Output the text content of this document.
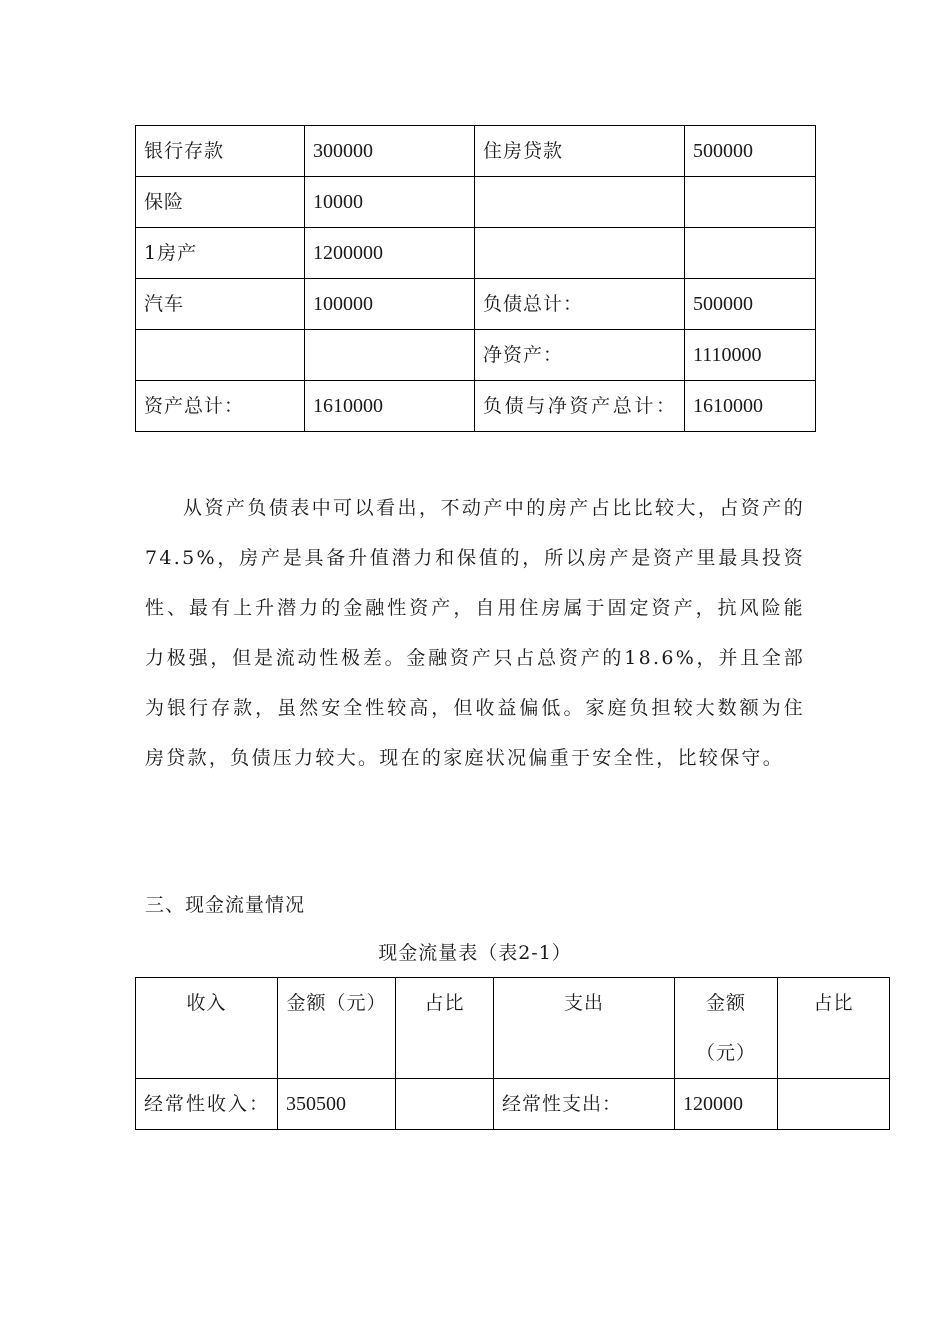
银行存款	300000	住房贷款	500000
保险	10000		
1房产	1200000		
汽车	100000	负债总计：	500000
		净资产：	1110000
资产总计：	1610000	负债与净资产总计：	1610000

从资产负债表中可以看出，不动产中的房产占比比较大，占资产的74.5%，房产是具备升值潜力和保值的，所以房产是资产里最具投资性、最有上升潜力的金融性资产，自用住房属于固定资产，抗风险能力极强，但是流动性极差。金融资产只占总资产的18.6%，并且全部为银行存款，虽然安全性较高，但收益偏低。家庭负担较大数额为住房贷款，负债压力较大。现在的家庭状况偏重于安全性，比较保守。

三、现金流量情况
现金流量表（表2-1）
收入	金额（元）	占比	支出	金额（元）	占比
经常性收入：	350500		经常性支出：	120000	
